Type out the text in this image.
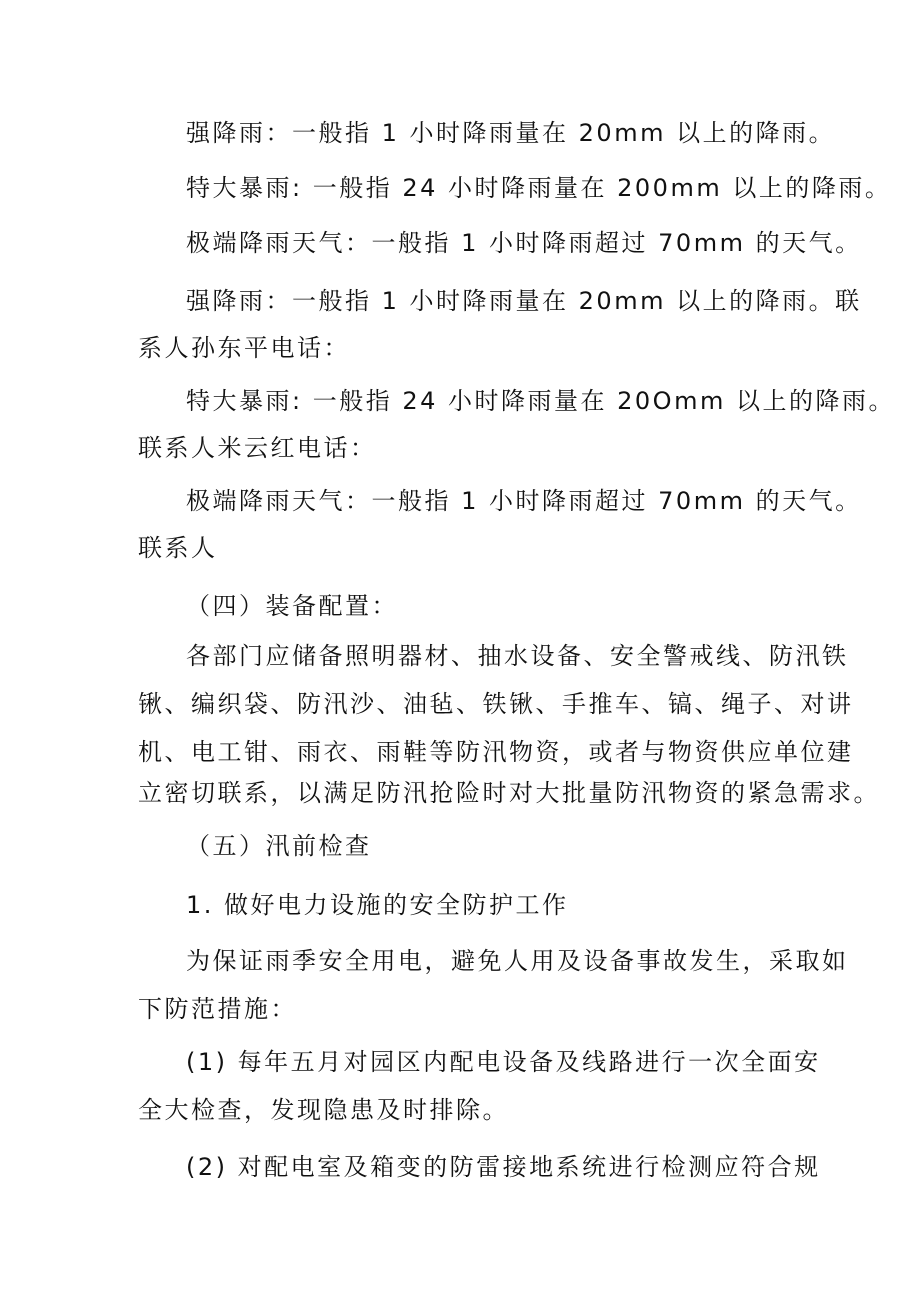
强降雨：一般指 1 小时降雨量在 20mm 以上的降雨。
特大暴雨: 一般指 24 小时降雨量在 200mm 以上的降雨。
极端降雨天气：一般指 1 小时降雨超过 70mm 的天气。
强降雨：一般指 1 小时降雨量在 20mm 以上的降雨。联
系人孙东平电话：
特大暴雨: 一般指 24 小时降雨量在 20Omm 以上的降雨。
联系人米云红电话：
极端降雨天气：一般指 1 小时降雨超过 70mm 的天气。
联系人
（四）装备配置：
各部门应储备照明器材、抽水设备、安全警戒线、防汛铁
锹、编织袋、防汛沙、油毡、铁锹、手推车、镐、绳子、对讲
机、电工钳、雨衣、雨鞋等防汛物资，或者与物资供应单位建
立密切联系，以满足防汛抢险时对大批量防汛物资的紧急需求。
（五）汛前检查
1. 做好电力设施的安全防护工作
为保证雨季安全用电，避免人用及设备事故发生，采取如
下防范措施：
(1) 每年五月对园区内配电设备及线路进行一次全面安
全大检查，发现隐患及时排除。
(2) 对配电室及箱变的防雷接地系统进行检测应符合规
